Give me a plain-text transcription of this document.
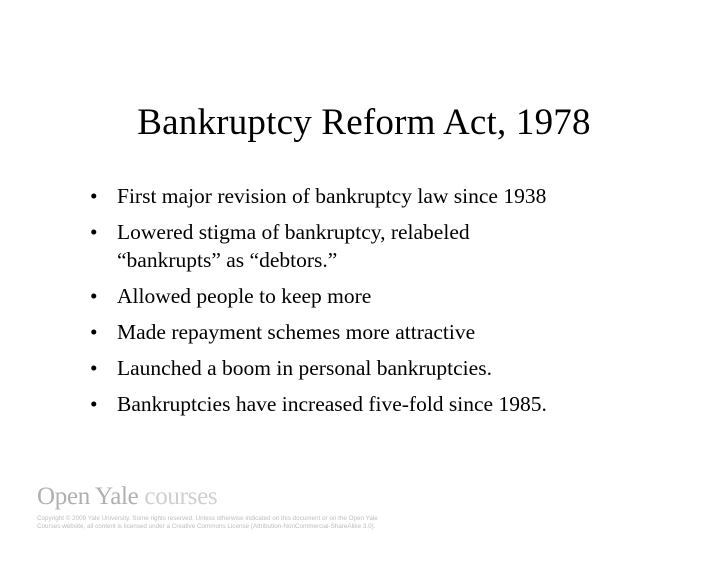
Bankruptcy Reform Act, 1978
• First major revision of bankruptcy law since 1938
• Lowered stigma of bankruptcy, relabeled
“bankrupts” as “debtors.”
• Allowed people to keep more
• Made repayment schemes more attractive
• Launched a boom in personal bankruptcies.
• Bankruptcies have increased five-fold since 1985.
Open Yale courses
Copyright © 2009 Yale University. Some rights reserved. Unless otherwise indicated on this document or on the Open Yale
Courses website, all content is licensed under a Creative Commons License (Attribution-NonCommercial-ShareAlike 3.0).
